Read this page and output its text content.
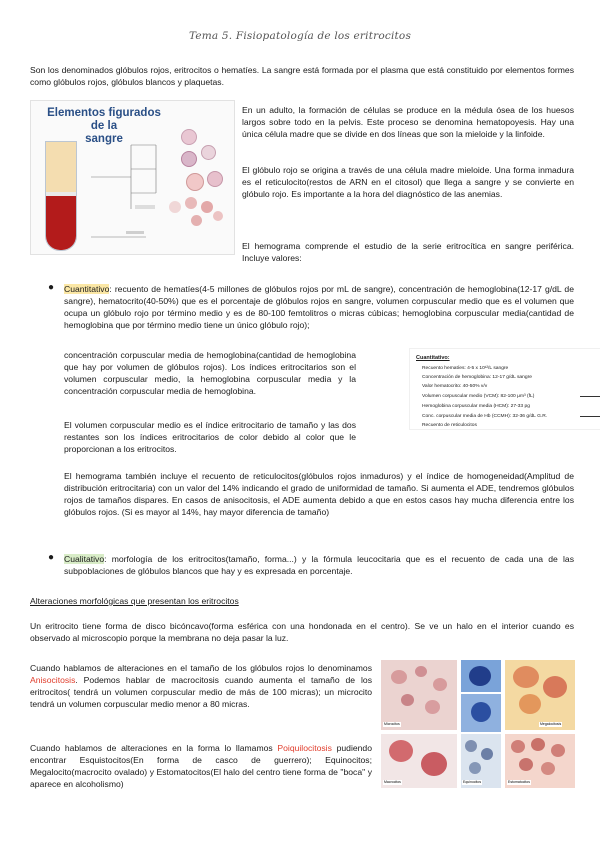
Tema 5. Fisiopatología de los eritrocitos

Son los denominados glóbulos rojos, eritrocitos o hematíes. La sangre está formada por el plasma que está constituido por elementos formes como glóbulos rojos, glóbulos blancos y plaquetas.

Elementos figurados de la
sangre

En un adulto, la formación de células se produce en la médula ósea de los huesos largos sobre todo en la pelvis. Este proceso se denomina hematopoyesis. Hay una única célula madre que se divide en dos líneas que son la mieloide y la linfoide.

El glóbulo rojo se origina a través de una célula madre mieloide. Una forma inmadura es el reticulocito(restos de ARN en el citosol) que llega a sangre y se convierte en glóbulo rojo. Es importante a la hora del diagnóstico de las anemias.

El hemograma comprende el estudio de la serie eritrocítica en sangre periférica. Incluye valores:

● Cuantitativo: recuento de hematíes(4-5 millones de glóbulos rojos por mL de sangre), concentración de hemoglobina(12-17 g/dL de sangre), hematocrito(40-50%) que es el porcentaje de glóbulos rojos en sangre, volumen corpuscular medio que es el volumen que ocupa un glóbulo rojo por término medio y es de 80-100 femtolitros o micras cúbicas; hemoglobina corpuscular media(cantidad de hemoglobina que por término medio tiene un único glóbulo rojo);

concentración corpuscular media de hemoglobina(cantidad de hemoglobina que hay por volumen de glóbulos rojos). Los índices eritrocitarios son el volumen corpuscular medio, la hemoglobina corpuscular media y la concentración corpuscular media de hemoglobina.

Cuantitativo:
Recuento hematíes: 4-5 x 10¹²/L sangre
Concentración de hemoglobina: 12-17 g/dL sangre
Valor hematocrito: 40-50% v/v
Volumen corpuscular medio (VCM): 82-100 μm³ (fL)
Hemoglobina corpuscular media (HCM): 27-33 pg
Conc. corpuscular media de Hb (CCMH): 32-36 g/dL G.R.
Recuento de reticulocitos

El volumen corpuscular medio es el índice eritrocitario de tamaño y las dos restantes son los índices eritrocitarios de color debido al color que le proporcionan a los eritrocitos.

El hemograma también incluye el recuento de reticulocitos(glóbulos rojos inmaduros) y el índice de homogeneidad(Amplitud de distribución eritrocitaria) con un valor del 14% indicando el grado de uniformidad de tamaño. Si aumenta el ADE, tendremos glóbulos rojos de tamaños dispares. En casos de anisocitosis, el ADE aumenta debido a que en estos casos hay mucha diferencia entre los glóbulos rojos. (Si es mayor al 14%, hay mayor diferencia de tamaño)

● Cualitativo: morfología de los eritrocitos(tamaño, forma...) y la fórmula leucocitaria que es el recuento de cada una de las subpoblaciones de glóbulos blancos que hay y es expresada en porcentaje.

Alteraciones morfológicas que presentan los eritrocitos

Un eritrocito tiene forma de disco bicóncavo(forma esférica con una hondonada en el centro). Se ve un halo en el interior cuando es observado al microscopio porque la membrana no deja pasar la luz.

Cuando hablamos de alteraciones en el tamaño de los glóbulos rojos lo denominamos Anisocitosis. Podemos hablar de macrocitosis cuando aumenta el tamaño de los eritrocitos( tendrá un volumen corpuscular medio de más de 100 micras); un microcito tendrá un volumen corpuscular medio menor a 80 micras.

Cuando hablamos de alteraciones en la forma lo llamamos Poiquilocitosis pudiendo encontrar Esquistocitos(En forma de casco de guerrero); Equinocitos; Megalocito(macrocito ovalado) y Estomatocitos(El halo del centro tiene forma de "boca" y aparece en alcoholismo)

Microcitos	Megalocitosis
Equinocitos
Macrocitos	Estomatocitos
